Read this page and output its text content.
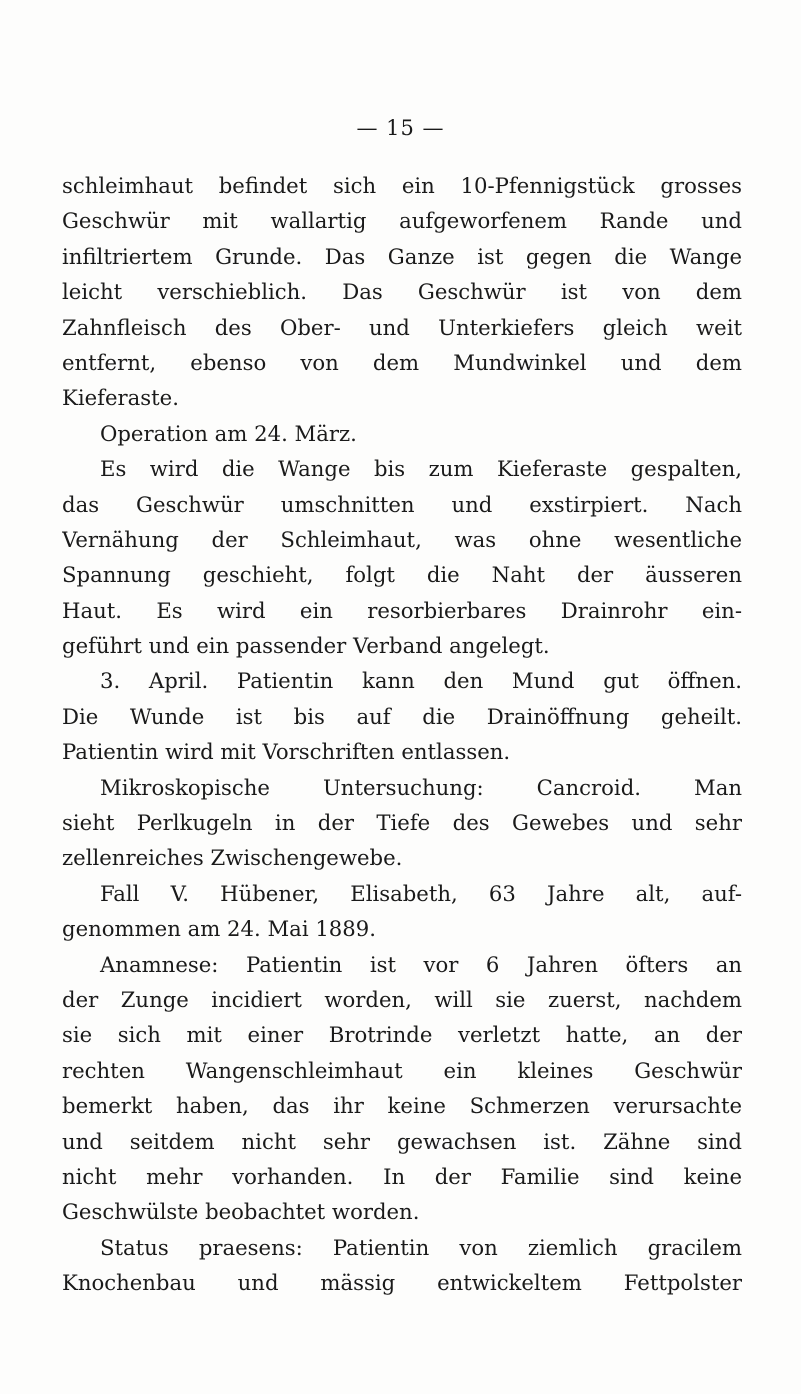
— 15 —
schleimhaut befindet sich ein 10-Pfennigstück grosses
Geschwür mit wallartig aufgeworfenem Rande und
infiltriertem Grunde. Das Ganze ist gegen die Wange
leicht verschieblich. Das Geschwür ist von dem
Zahnfleisch des Ober- und Unterkiefers gleich weit
entfernt, ebenso von dem Mundwinkel und dem
Kieferaste.
Operation am 24. März.
Es wird die Wange bis zum Kieferaste gespalten,
das Geschwür umschnitten und exstirpiert. Nach
Vernähung der Schleimhaut, was ohne wesentliche
Spannung geschieht, folgt die Naht der äusseren
Haut. Es wird ein resorbierbares Drainrohr ein-
geführt und ein passender Verband angelegt.
3. April. Patientin kann den Mund gut öffnen.
Die Wunde ist bis auf die Drainöffnung geheilt.
Patientin wird mit Vorschriften entlassen.
Mikroskopische Untersuchung: Cancroid. Man
sieht Perlkugeln in der Tiefe des Gewebes und sehr
zellenreiches Zwischengewebe.
Fall V. Hübener, Elisabeth, 63 Jahre alt, auf-
genommen am 24. Mai 1889.
Anamnese: Patientin ist vor 6 Jahren öfters an
der Zunge incidiert worden, will sie zuerst, nachdem
sie sich mit einer Brotrinde verletzt hatte, an der
rechten Wangenschleimhaut ein kleines Geschwür
bemerkt haben, das ihr keine Schmerzen verursachte
und seitdem nicht sehr gewachsen ist. Zähne sind
nicht mehr vorhanden. In der Familie sind keine
Geschwülste beobachtet worden.
Status praesens: Patientin von ziemlich gracilem
Knochenbau und mässig entwickeltem Fettpolster
